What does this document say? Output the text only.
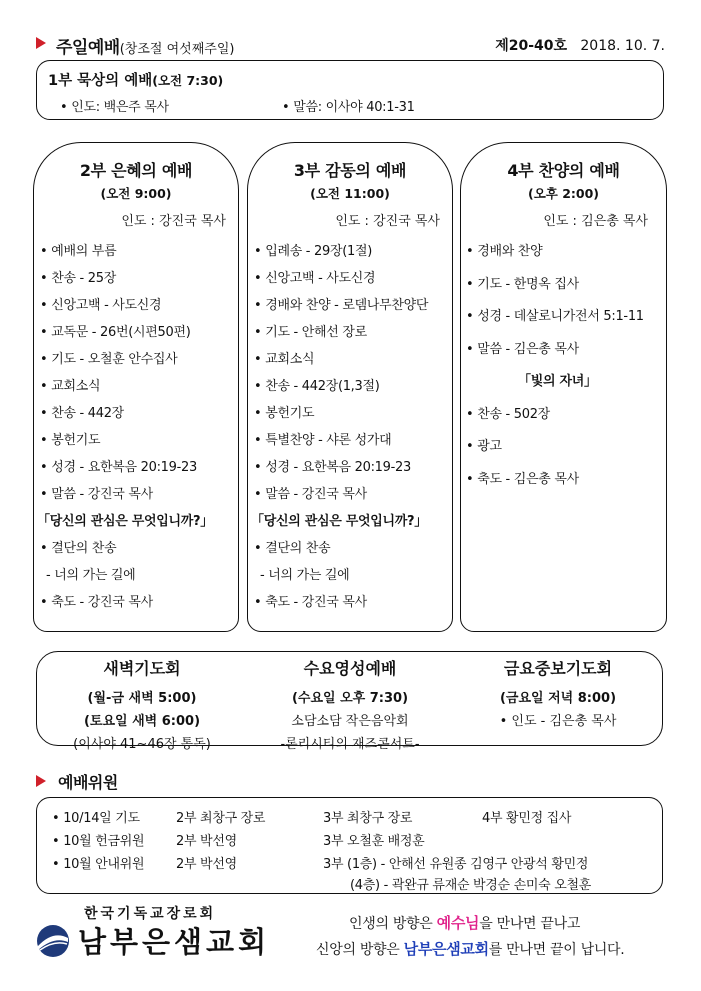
주일예배(창조절 여섯째주일)	제20-40호 2018. 10. 7.
1부 묵상의 예배(오전 7:30)
• 인도: 백은주 목사	• 말씀: 이사야 40:1-31
2부 은혜의 예배
(오전 9:00)
인도 : 강진국 목사
• 예배의 부름
• 찬송 - 25장
• 신앙고백 - 사도신경
• 교독문 - 26번(시편50편)
• 기도 - 오철훈 안수집사
• 교회소식
• 찬송 - 442장
• 봉헌기도
• 성경 - 요한복음 20:19-23
• 말씀 - 강진국 목사
「당신의 관심은 무엇입니까?」
• 결단의 찬송
- 너의 가는 길에
• 축도 - 강진국 목사
3부 감동의 예배
(오전 11:00)
인도 : 강진국 목사
• 입례송 - 29장(1절)
• 신앙고백 - 사도신경
• 경배와 찬양 - 로뎀나무찬양단
• 기도 - 안해선 장로
• 교회소식
• 찬송 - 442장(1,3절)
• 봉헌기도
• 특별찬양 - 샤론 성가대
• 성경 - 요한복음 20:19-23
• 말씀 - 강진국 목사
「당신의 관심은 무엇입니까?」
• 결단의 찬송
- 너의 가는 길에
• 축도 - 강진국 목사
4부 찬양의 예배
(오후 2:00)
인도 : 김은총 목사
• 경배와 찬양
• 기도 - 한명옥 집사
• 성경 - 데살로니가전서 5:1-11
• 말씀 - 김은총 목사
「빛의 자녀」
• 찬송 - 502장
• 광고
• 축도 - 김은총 목사
새벽기도회
(월-금 새벽 5:00)
(토요일 새벽 6:00)
(이사야 41~46장 통독)
수요영성예배
(수요일 오후 7:30)
소담소담 작은음악회
-론리시티의 재즈콘서트-
금요중보기도회
(금요일 저녁 8:00)
• 인도 - 김은총 목사
예배위원
• 10/14일 기도	2부 최창구 장로	3부 최창구 장로	4부 황민정 집사
• 10월 헌금위원 2부 박선영	3부 오철훈 배정훈
• 10월 안내위원 2부 박선영	3부 (1층) - 안해선 유원종 김영구 안광석 황민정
(4층) - 곽완규 류재순 박경순 손미숙 오철훈
한국기독교장로회
남부은샘교회
인생의 방향은 예수님을 만나면 끝나고
신앙의 방향은 남부은샘교회를 만나면 끝이 납니다.
